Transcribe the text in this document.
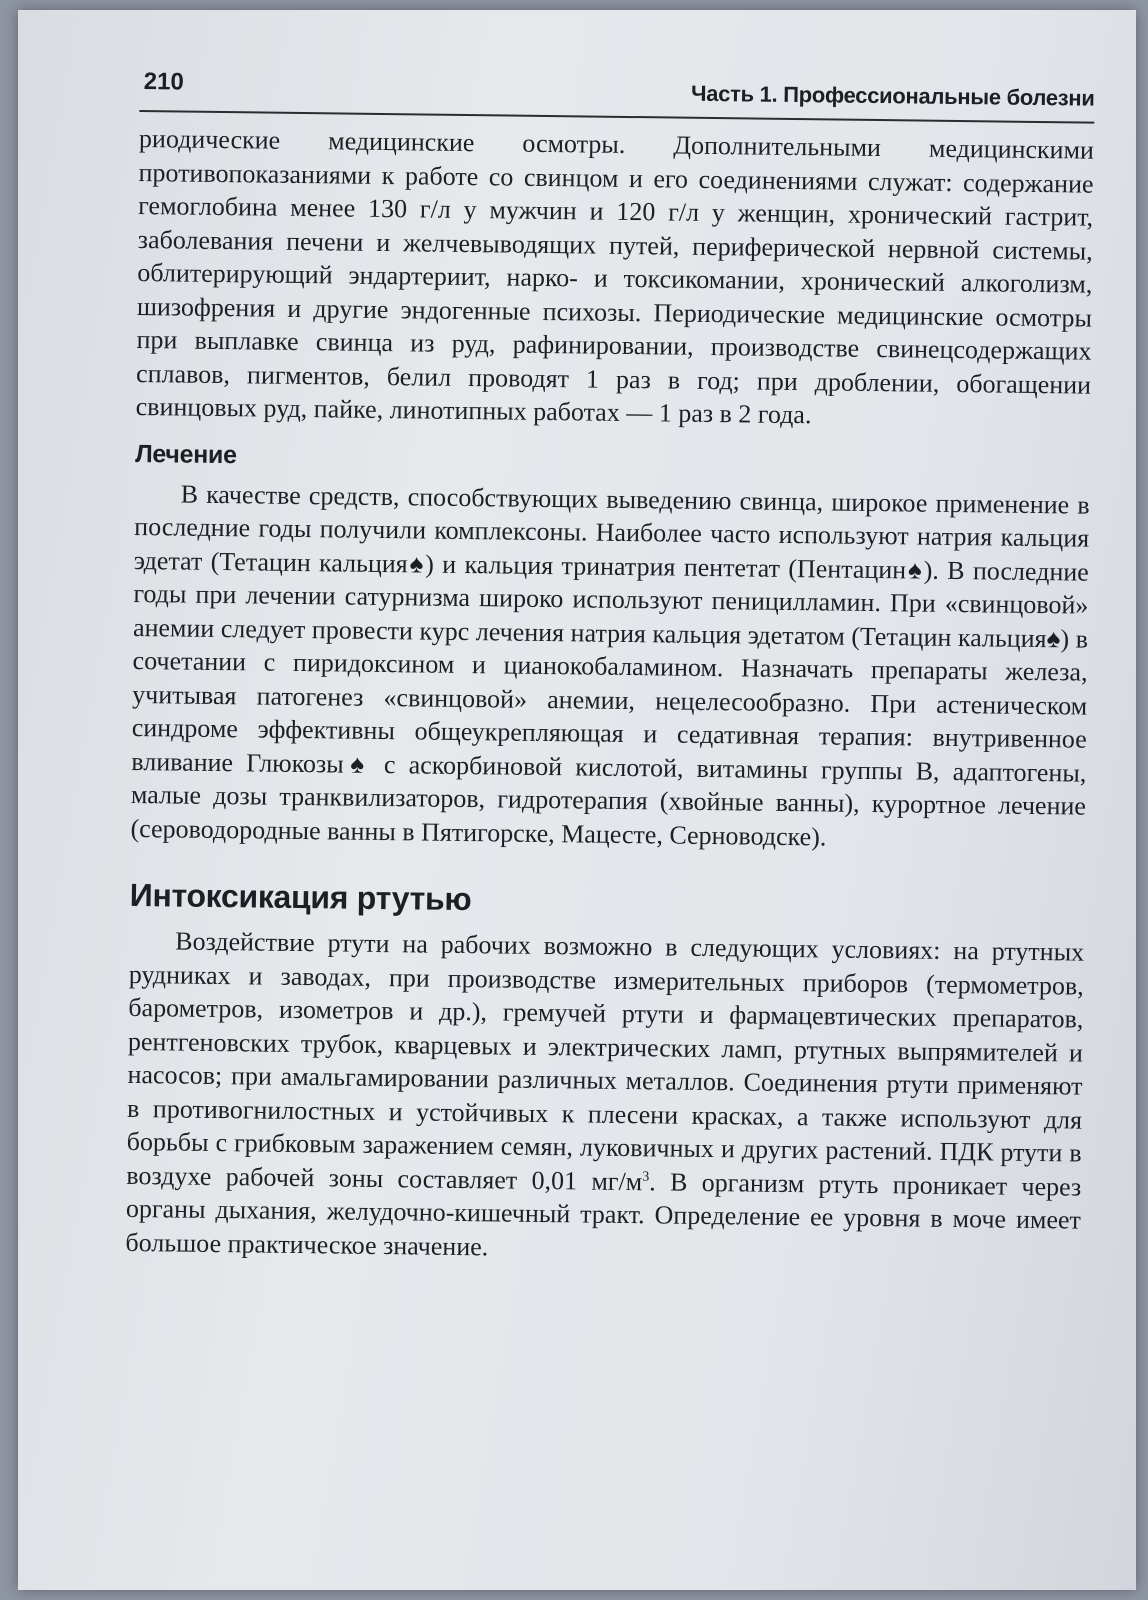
210	Часть 1. Профессиональные болезни

риодические медицинские осмотры. Дополнительными медицинскими противопоказаниями к работе со свинцом и его соединениями служат: содержание гемоглобина менее 130 г/л у мужчин и 120 г/л у женщин, хронический гастрит, заболевания печени и желчевыводящих путей, периферической нервной системы, облитерирующий эндартериит, нарко- и токсикомании, хронический алкоголизм, шизофрения и другие эндогенные психозы. Периодические медицинские осмотры при выплавке свинца из руд, рафинировании, производстве свинецсодержащих сплавов, пигментов, белил проводят 1 раз в год; при дроблении, обогащении свинцовых руд, пайке, линотипных работах — 1 раз в 2 года.

Лечение

В качестве средств, способствующих выведению свинца, широкое применение в последние годы получили комплексоны. Наиболее часто используют натрия кальция эдетат (Тетацин кальция♠) и кальция тринатрия пентетат (Пентацин♠). В последние годы при лечении сатурнизма широко используют пеницилламин. При «свинцовой» анемии следует провести курс лечения натрия кальция эдетатом (Тетацин кальция♠) в сочетании с пиридоксином и цианокобаламином. Назначать препараты железа, учитывая патогенез «свинцовой» анемии, нецелесообразно. При астеническом синдроме эффективны общеукрепляющая и седативная терапия: внутривенное вливание Глюкозы♠ с аскорбиновой кислотой, витамины группы В, адаптогены, малые дозы транквилизаторов, гидротерапия (хвойные ванны), курортное лечение (сероводородные ванны в Пятигорске, Мацесте, Серноводске).

Интоксикация ртутью

Воздействие ртути на рабочих возможно в следующих условиях: на ртутных рудниках и заводах, при производстве измерительных приборов (термометров, барометров, изометров и др.), гремучей ртути и фармацевтических препаратов, рентгеновских трубок, кварцевых и электрических ламп, ртутных выпрямителей и насосов; при амальгамировании различных металлов. Соединения ртути применяют в противогнилостных и устойчивых к плесени красках, а также используют для борьбы с грибковым заражением семян, луковичных и других растений. ПДК ртути в воздухе рабочей зоны составляет 0,01 $мг/м^3$. В организм ртуть проникает через органы дыхания, желудочно-кишечный тракт. Определение ее уровня в моче имеет большое практическое значение.
